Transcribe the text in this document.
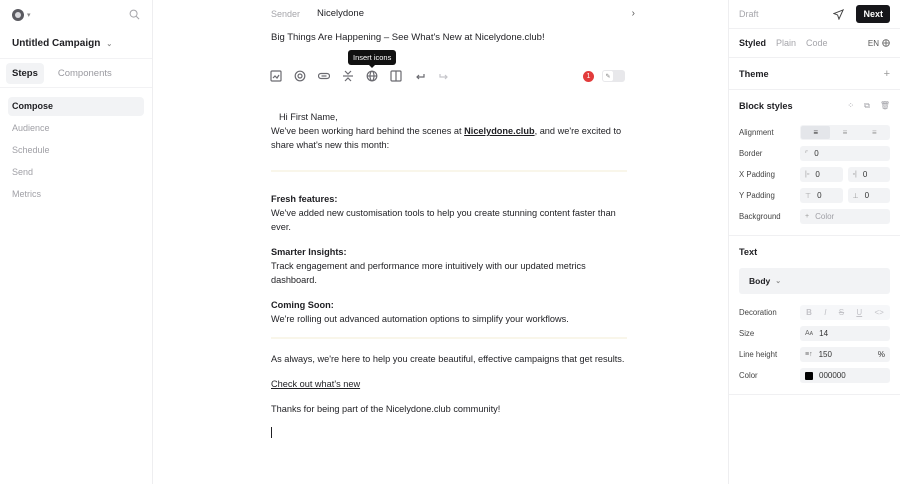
▾
Untitled Campaign ⌄
Steps	Components
Compose
Audience
Schedule
Send
Metrics
Sender	Nicelydone	›
Big Things Are Happening – See What's New at Nicelydone.club!
Insert icons
1	✎

Hi First Name,

We've been working hard behind the scenes at Nicelydone.club, and we're excited to share what's new this month:

Fresh features:
We've added new customisation tools to help you create stunning content faster than ever.

Smarter Insights:
Track engagement and performance more intuitively with our updated metrics dashboard.

Coming Soon:
We're rolling out advanced automation options to simplify your workflows.

As always, we're here to help you create beautiful, effective campaigns that get results.

Check out what's new

Thanks for being part of the Nicelydone.club community!

Draft	Next
Styled Plain Code	EN
Theme	+
Block styles	⁘ ⧉ 🗑︎
Alignment	≡	≡	≡
Border	⌜ 0
X Padding	|▫ 0	▫| 0
Y Padding	⊤ 0	⊥ 0
Background	+ Color
Text
Body ⌄
Decoration	B I S U <>
Size	Aᴀ 14
Line height	≡↑ 150	%
Color	000000
